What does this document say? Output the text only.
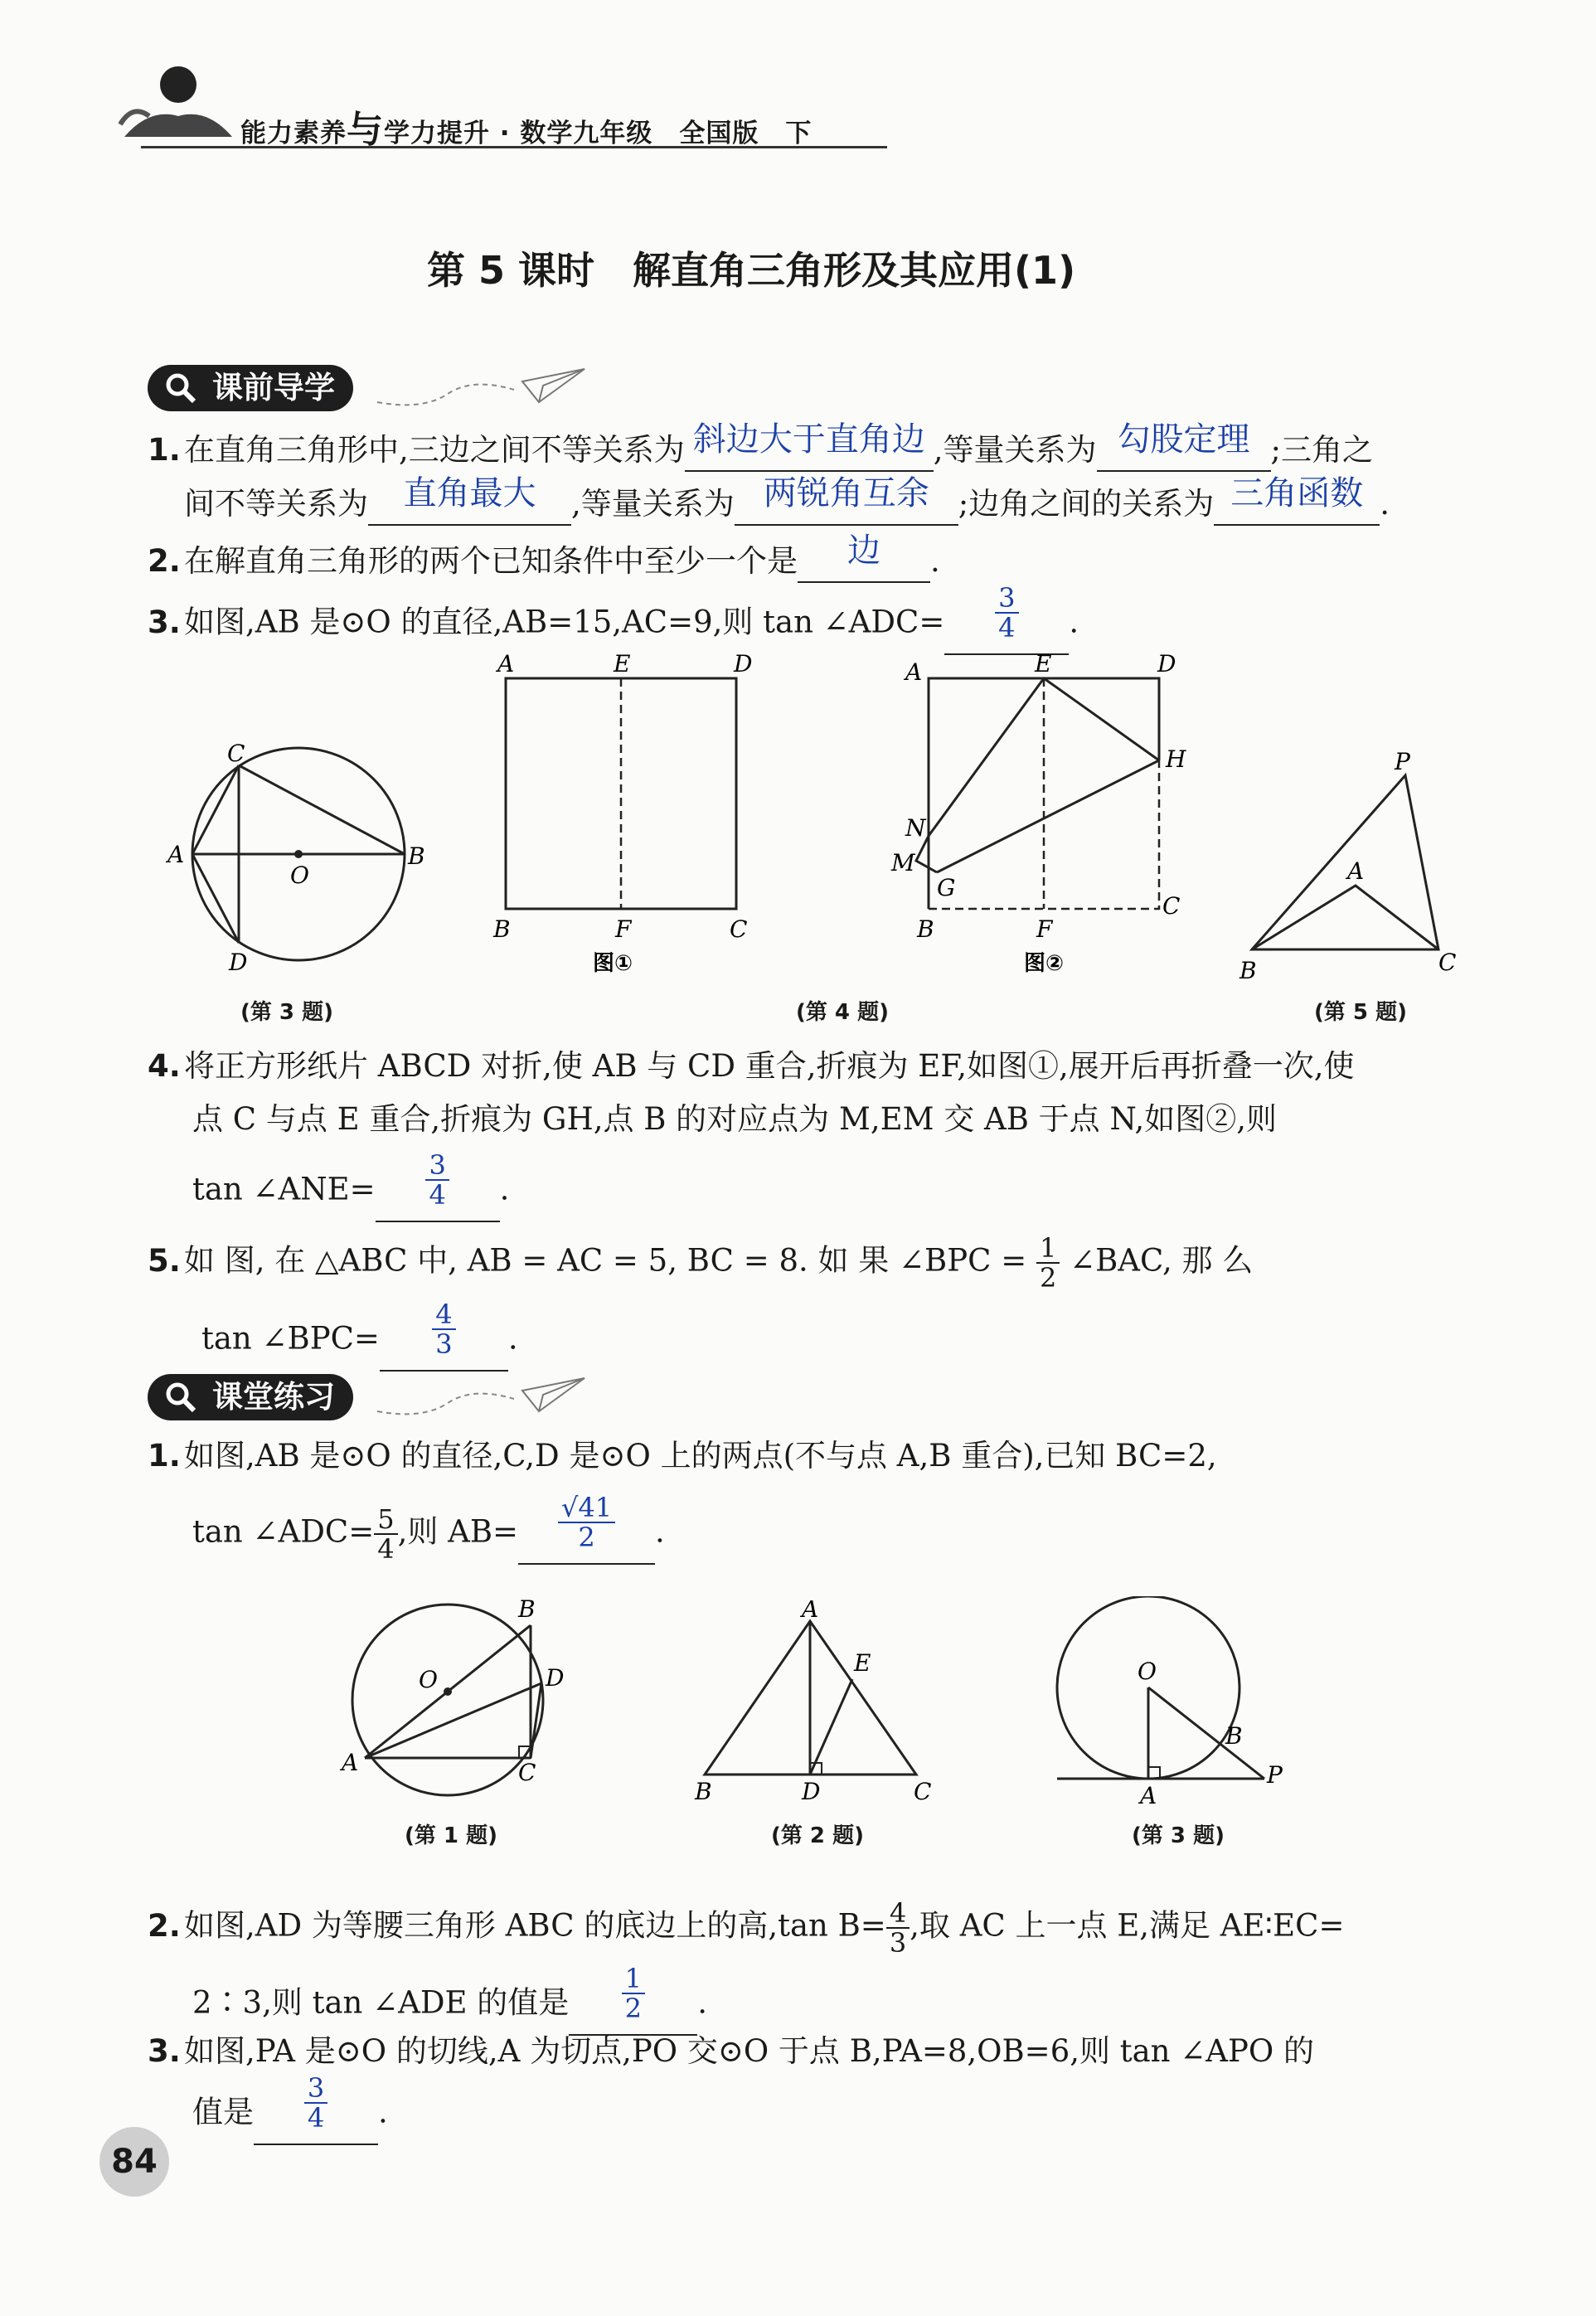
能力素养与学力提升 · 数学九年级　全国版　下
第 5 课时　解直角三角形及其应用(1)
课前导学
1. 在直角三角形中,三边之间不等关系为 斜边大于直角边 ,等量关系为 勾股定理 ;三角之
间不等关系为 直角最大 ,等量关系为 两锐角互余 ;边角之间的关系为 三角函数 .
2. 在解直角三角形的两个已知条件中至少一个是 边 .
3. 如图,AB 是⊙O 的直径,AB=15,AC=9,则 tan ∠ADC= $\frac{3}{4}$ .
A	B
C
D
O
(第 3 题)
A	E	D
B	F	C
图①
A	E	D
H
N
M
G
B	F
C
图②
(第 4 题)
P
A
B	C
(第 5 题)
4. 将正方形纸片 ABCD 对折,使 AB 与 CD 重合,折痕为 EF,如图①,展开后再折叠一次,使
点 C 与点 E 重合,折痕为 GH,点 B 的对应点为 M,EM 交 AB 于点 N,如图②,则
tan ∠ANE= $\frac{3}{4}$ .
5. 如 图, 在 △ABC 中, AB = AC = 5, BC = 8. 如 果 ∠BPC = $\frac{1}{2}$ ∠BAC, 那 么
tan ∠BPC= $\frac{4}{3}$ .
课堂练习
1. 如图,AB 是⊙O 的直径,C,D 是⊙O 上的两点(不与点 A,B 重合),已知 BC=2,
tan ∠ADC= $\frac{5}{4}$ ,则 $AB= \frac{√41}{2}$ .
A
B
C
D
O
(第 1 题)
A
B	C
D
E
(第 2 题)
A
B
O
P
(第 3 题)
2. 如图,AD 为等腰三角形 ABC 的底边上的高,tan $B= \frac{4}{3}$ ,取 AC 上一点 E,满足 AE∶EC=
2∶3,则 tan ∠ADE 的值是 $\frac{1}{2}$ .
3. 如图,PA 是⊙O 的切线,A 为切点,PO 交⊙O 于点 B,PA=8,OB=6,则 tan ∠APO 的
值是 $\frac{3}{4}$ .
84
